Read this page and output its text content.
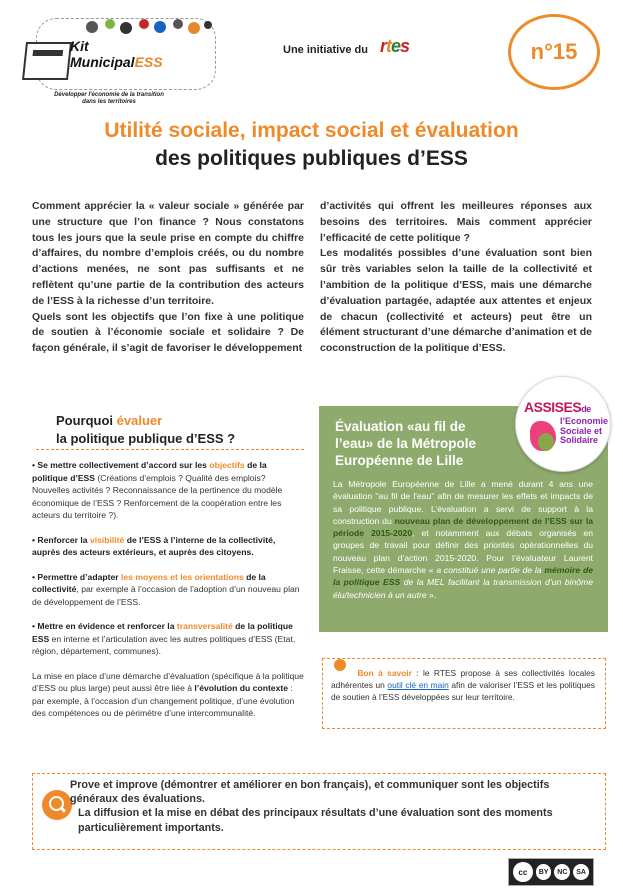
Kit
MunicipalESS
Développer l'économie de la transition
dans les territoires
Une initiative du rtes	n°15
Utilité sociale, impact social et évaluation
des politiques publiques d’ESS

Comment apprécier la « valeur sociale » générée par une structure que l’on finance ? Nous constatons tous les jours que la seule prise en compte du chiffre d’affaires, du nombre d’emplois créés, ou du nombre d’actions menées, ne sont pas suffisants et ne reflètent qu’une partie de la contribution des acteurs de l’ESS à la richesse d’un territoire.

Quels sont les objectifs que l’on fixe à une politique de soutien à l’économie sociale et solidaire ? De façon générale, il s’agit de favoriser le développement

d’activités qui offrent les meilleures réponses aux besoins des territoires. Mais comment apprécier l’efficacité de cette politique ?

Les modalités possibles d’une évaluation sont bien sûr très variables selon la taille de la collectivité et l’ambition de la politique d’ESS, mais une démarche d’évaluation partagée, adaptée aux attentes et enjeux de chacun (collectivité et acteurs) peut être un élément structurant d’une démarche d’animation et de coconstruction de la politique d’ESS.

Pourquoi évaluer
la politique publique d’ESS ?

• Se mettre collectivement d’accord sur les objectifs de la politique d’ESS (Créations d’emplois ? Qualité des emplois? Nouvelles activités ? Reconnaissance de la pertinence du modèle économique de l’ESS ? Renforcement de la coopération entre les acteurs du territoire ?).

• Renforcer la visibilité de l’ESS à l’interne de la collectivité, auprès des acteurs extérieurs, et auprès des citoyens.

• Permettre d’adapter les moyens et les orientations de la collectivité, par exemple à l’occasion de l’adoption d’un nouveau plan de développement de l’ESS.

• Mettre en évidence et renforcer la transversalité de la politique ESS en interne et l’articulation avec les autres politiques d’ESS (Etat, région, département, communes).

La mise en place d’une démarche d’évaluation (spécifique à la politique d’ESS ou plus large) peut aussi être liée à l’évolution du contexte : par exemple, à l’occasion d’un changement politique, d’une évolution des compétences ou de périmètre d’une intercommunalité.

Évaluation «au fil de
l’eau» de la Métropole
Européenne de Lille
La Métropole Européenne de Lille a mené durant 4 ans une évaluation "au fil de l'eau" afin de mesurer les effets et impacts de sa politique publique. L’évaluation a servi de support à la construction du nouveau plan de développement de l’ESS sur la période 2015-2020, et notamment aux débats organisés en groupes de travail pour définir des priorités opérationnelles du nouveau plan d’action 2015-2020. Pour l’évaluateur Laurent Fraisse, cette démarche « a constitué une partie de la mémoire de la politique ESS de la MEL facilitant la transmission d’un binôme élu/technicien à un autre ».
ASSISESde
l’Economie
Sociale et
Solidaire
Bon à savoir : le RTES propose à ses collectivités locales adhérentes un outil clé en main afin de valoriser l’ESS et les politiques de soutien à l’ESS développées sur leur territoire.

Prove et improve (démontrer et améliorer en bon français), et communiquer sont les objectifs généraux des évaluations.

La diffusion et la mise en débat des principaux résultats d’une évaluation sont des moments particulièrement importants.

cc	BY	NC	SA
